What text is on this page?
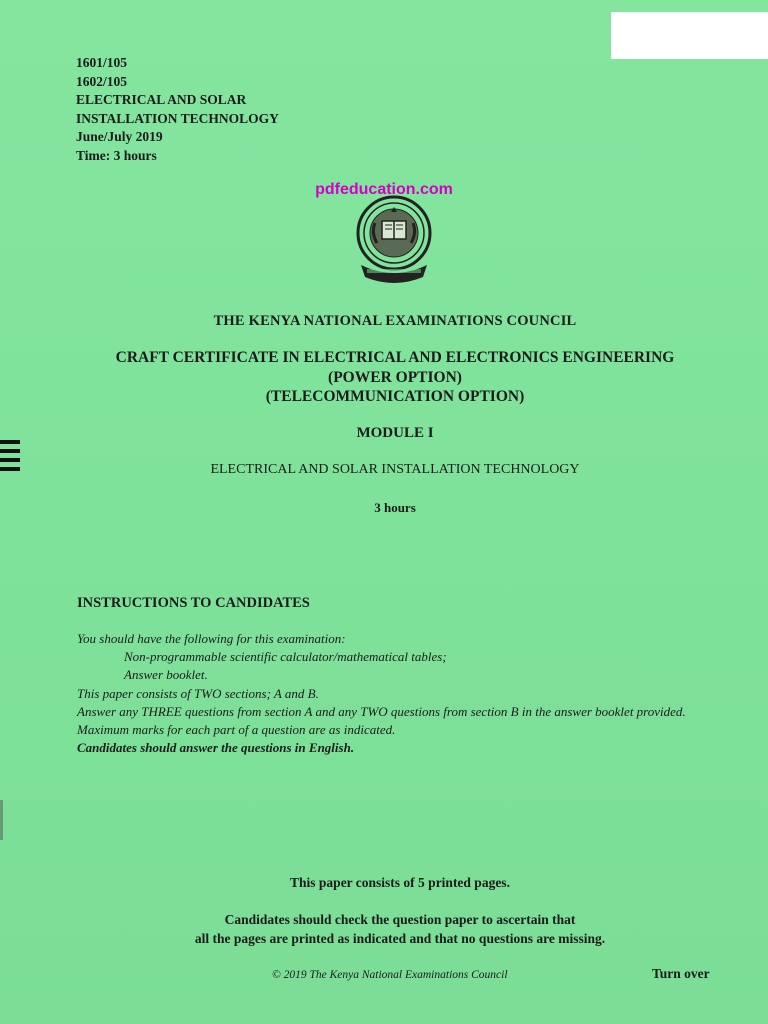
1601/105
1602/105
ELECTRICAL AND SOLAR
INSTALLATION TECHNOLOGY
June/July 2019
Time: 3 hours
pdfeducation.com
THE KENYA NATIONAL EXAMINATIONS COUNCIL
CRAFT CERTIFICATE IN ELECTRICAL AND ELECTRONICS ENGINEERING
(POWER OPTION)
(TELECOMMUNICATION OPTION)
MODULE I
ELECTRICAL AND SOLAR INSTALLATION TECHNOLOGY
3 hours
INSTRUCTIONS TO CANDIDATES
You should have the following for this examination:
Non-programmable scientific calculator/mathematical tables;
Answer booklet.
This paper consists of TWO sections; A and B.
Answer any THREE questions from section A and any TWO questions from section B in the answer booklet provided.
Maximum marks for each part of a question are as indicated.
Candidates should answer the questions in English.
This paper consists of 5 printed pages.
Candidates should check the question paper to ascertain that
all the pages are printed as indicated and that no questions are missing.
© 2019 The Kenya National Examinations Council	Turn over
